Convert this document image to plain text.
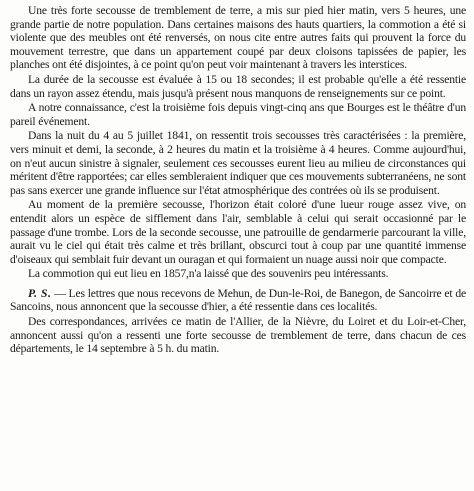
Une très forte secousse de tremblement de terre, a mis sur pied hier matin, vers 5 heures, une grande partie de notre population. Dans certaines maisons des hauts quartiers, la commotion a été si violente que des meubles ont été renversés, on nous cite entre autres faits qui prouvent la force du mouvement terrestre, que dans un appartement coupé par deux cloisons tapissées de papier, les planches ont été disjointes, à ce point qu'on peut voir maintenant à travers les interstices.

La durée de la secousse est évaluée à 15 ou 18 secondes; il est probable qu'elle a été ressentie dans un rayon assez étendu, mais jusqu'à présent nous manquons de renseignements sur ce point.

A notre connaissance, c'est la troisième fois depuis vingt-cinq ans que Bourges est le théâtre d'un pareil événement.

Dans la nuit du 4 au 5 juillet 1841, on ressentit trois secousses très caractérisées : la première, vers minuit et demi, la seconde, à 2 heures du matin et la troisième à 4 heures. Comme aujourd'hui, on n'eut aucun sinistre à signaler, seulement ces secousses eurent lieu au milieu de circonstances qui méritent d'être rapportées; car elles sembleraient indiquer que ces mouvements subterranéens, ne sont pas sans exercer une grande influence sur l'état atmosphérique des contrées où ils se produisent.

Au moment de la première secousse, l'horizon était coloré d'une lueur rouge assez vive, on entendit alors un espèce de sifflement dans l'air, semblable à celui qui serait occasionné par le passage d'une trombe. Lors de la seconde secousse, une patrouille de gendarmerie parcourant la ville, aurait vu le ciel qui était très calme et très brillant, obscurci tout à coup par une quantité immense d'oiseaux qui semblait fuir devant un ouragan et qui formaient un nuage aussi noir que compacte.

La commotion qui eut lieu en 1857,n'a laissé que des souvenirs peu intéressants.

P. S. — Les lettres que nous recevons de Mehun, de Dun-le-Roi, de Banegon, de Sancoirre et de Sancoins, nous annoncent que la secousse d'hier, a été ressentie dans ces localités.

Des correspondances, arrivées ce matin de l'Allier, de la Nièvre, du Loiret et du Loir-et-Cher, annoncent aussi qu'on a ressenti une forte secousse de tremblement de terre, dans chacun de ces départements, le 14 septembre à 5 h. du matin.
